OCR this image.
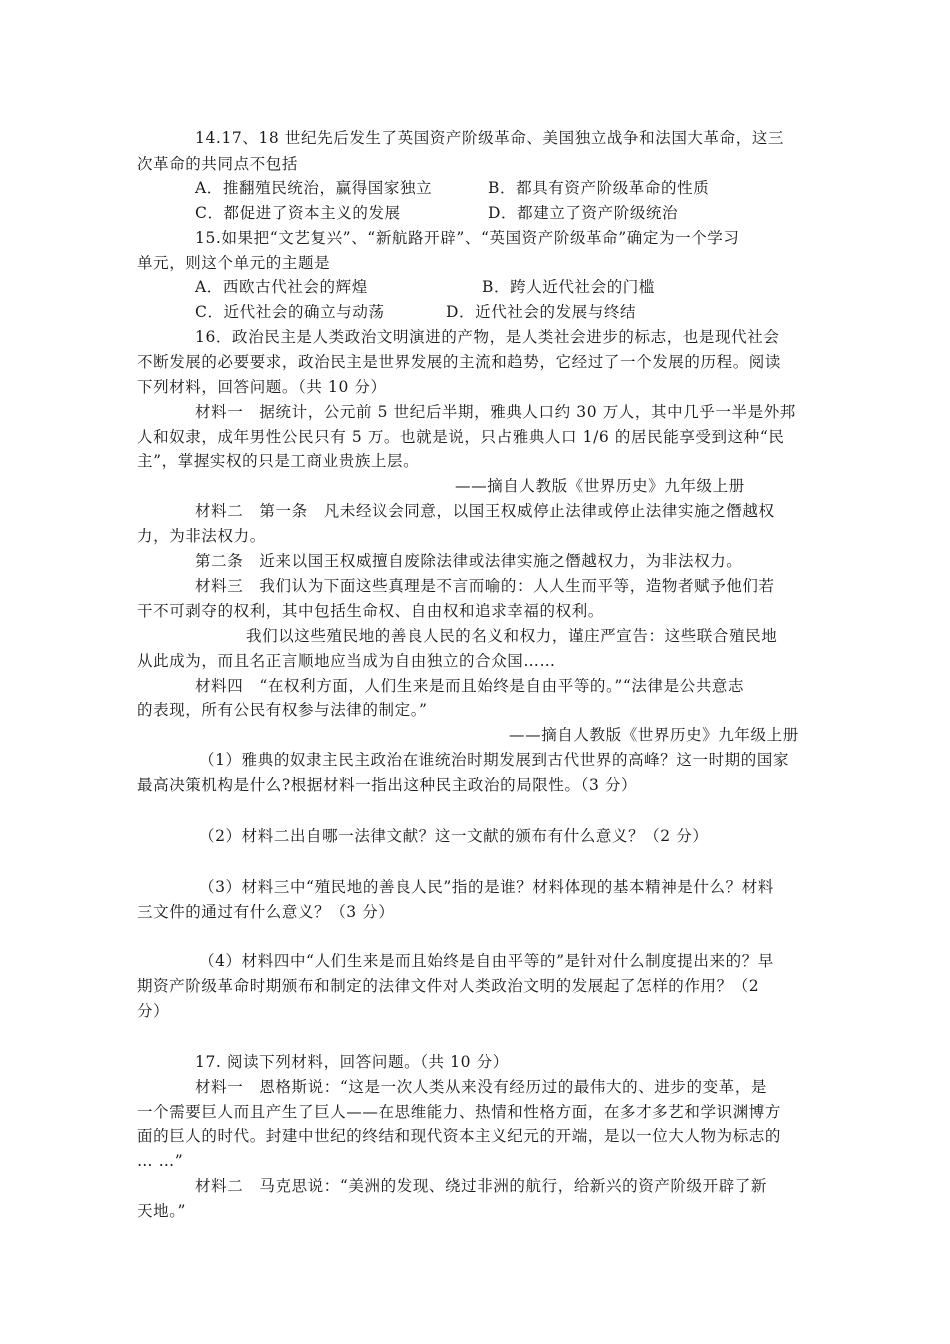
14.17、18 世纪先后发生了英国资产阶级革命、美国独立战争和法国大革命，这三
次革命的共同点不包括
A．推翻殖民统治，赢得国家独立	B．都具有资产阶级革命的性质
C．都促进了资本主义的发展	D．都建立了资产阶级统治
15.如果把“文艺复兴”、“新航路开辟”、“英国资产阶级革命”确定为一个学习
单元，则这个单元的主题是
A．西欧古代社会的辉煌	B．跨人近代社会的门槛
C．近代社会的确立与动荡	D．近代社会的发展与终结
16．政治民主是人类政治文明演进的产物，是人类社会进步的标志，也是现代社会
不断发展的必要要求，政治民主是世界发展的主流和趋势，它经过了一个发展的历程。阅读
下列材料，回答问题。（共 10 分）
材料一　据统计，公元前 5 世纪后半期，雅典人口约 30 万人，其中几乎一半是外邦
人和奴隶，成年男性公民只有 5 万。也就是说，只占雅典人口 1/6 的居民能享受到这种“民
主”，掌握实权的只是工商业贵族上层。
——摘自人教版《世界历史》九年级上册
材料二　第一条　凡未经议会同意，以国王权威停止法律或停止法律实施之僭越权
力，为非法权力。
第二条　近来以国王权威擅自废除法律或法律实施之僭越权力，为非法权力。
材料三　我们认为下面这些真理是不言而喻的：人人生而平等，造物者赋予他们若
干不可剥夺的权利，其中包括生命权、自由权和追求幸福的权利。
我们以这些殖民地的善良人民的名义和权力，谨庄严宣告：这些联合殖民地
从此成为，而且名正言顺地应当成为自由独立的合众国……
材料四　“在权利方面，人们生来是而且始终是自由平等的。”“法律是公共意志
的表现，所有公民有权参与法律的制定。”
——摘自人教版《世界历史》九年级上册
（1）雅典的奴隶主民主政治在谁统治时期发展到古代世界的高峰？这一时期的国家
最高决策机构是什么?根据材料一指出这种民主政治的局限性。（3 分）
（2）材料二出自哪一法律文献？这一文献的颁布有什么意义？（2 分）
（3）材料三中“殖民地的善良人民”指的是谁？材料体现的基本精神是什么？材料
三文件的通过有什么意义？（3 分）
（4）材料四中“人们生来是而且始终是自由平等的”是针对什么制度提出来的？早
期资产阶级革命时期颁布和制定的法律文件对人类政治文明的发展起了怎样的作用？（2
分）
17. 阅读下列材料，回答问题。（共 10 分）
材料一　恩格斯说：“这是一次人类从来没有经历过的最伟大的、进步的变革，是
一个需要巨人而且产生了巨人——在思维能力、热情和性格方面，在多才多艺和学识渊博方
面的巨人的时代。封建中世纪的终结和现代资本主义纪元的开端，是以一位大人物为标志的
… …”
材料二　马克思说：“美洲的发现、绕过非洲的航行，给新兴的资产阶级开辟了新
天地。”
